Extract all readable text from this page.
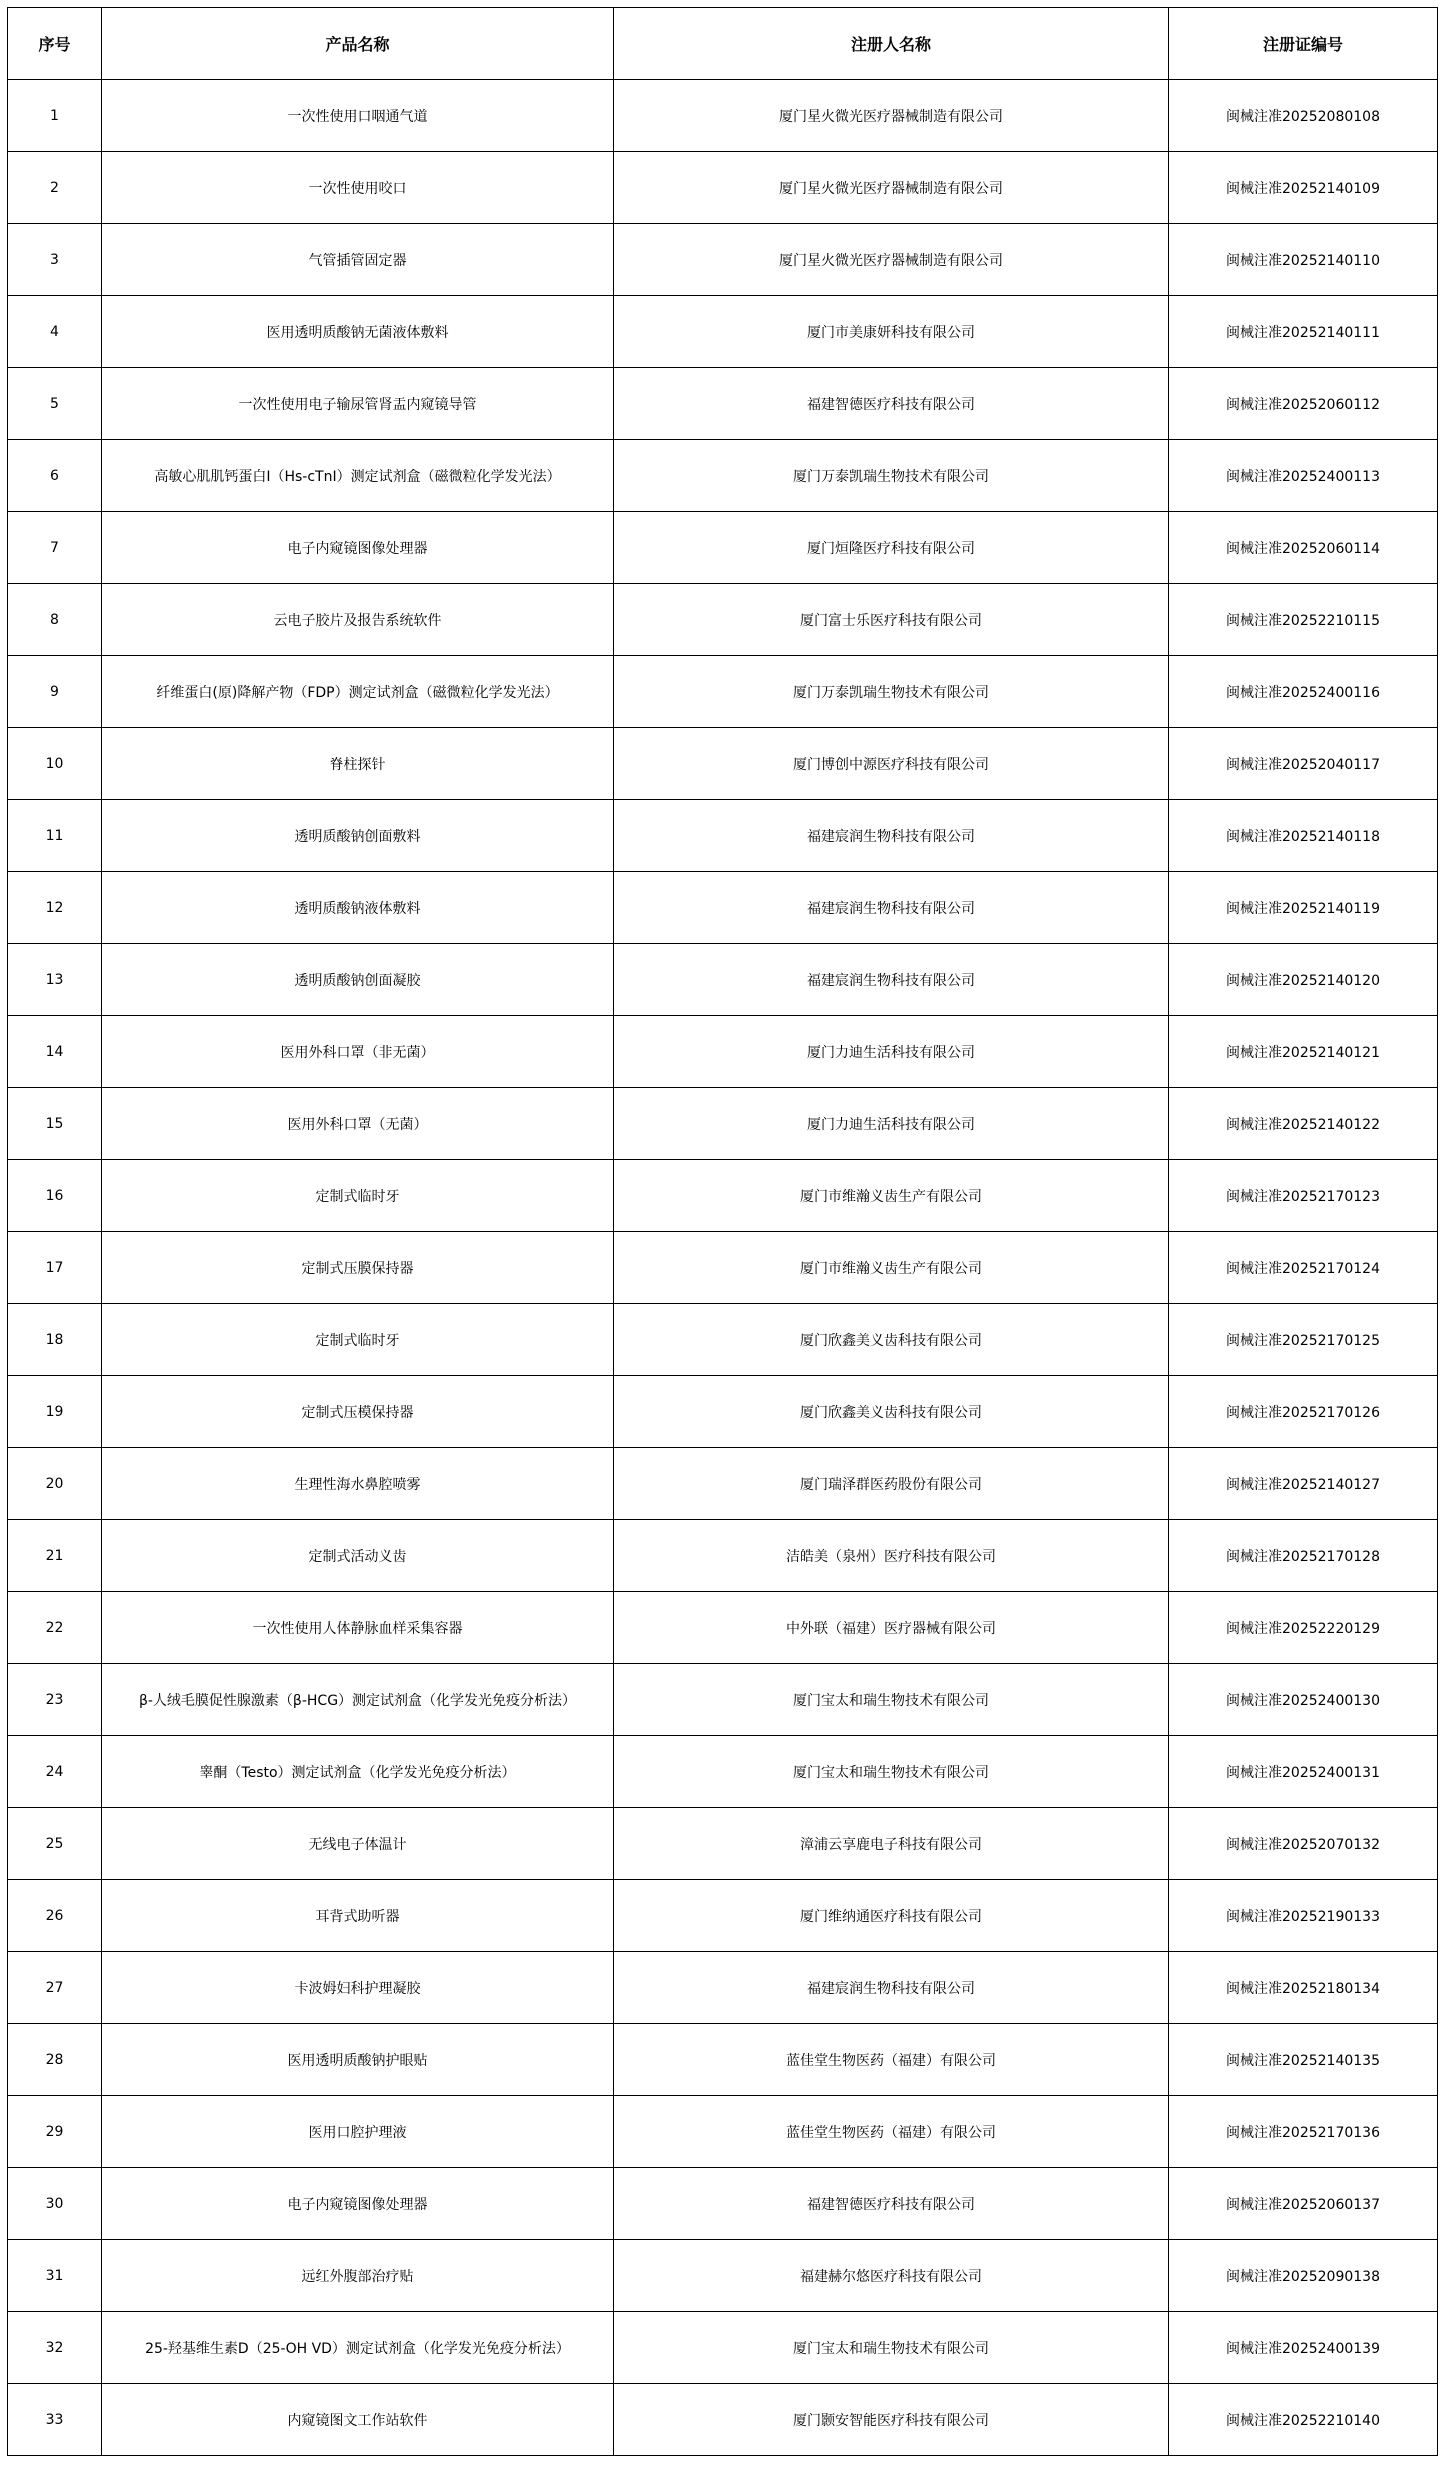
序号	产品名称	注册人名称	注册证编号
1	一次性使用口咽通气道	厦门星火微光医疗器械制造有限公司	闽械注准20252080108
2	一次性使用咬口	厦门星火微光医疗器械制造有限公司	闽械注准20252140109
3	气管插管固定器	厦门星火微光医疗器械制造有限公司	闽械注准20252140110
4	医用透明质酸钠无菌液体敷料	厦门市美康妍科技有限公司	闽械注准20252140111
5	一次性使用电子输尿管肾盂内窥镜导管	福建智德医疗科技有限公司	闽械注准20252060112
6	高敏心肌肌钙蛋白I（Hs-cTnI）测定试剂盒（磁微粒化学发光法）	厦门万泰凯瑞生物技术有限公司	闽械注准20252400113
7	电子内窥镜图像处理器	厦门烜隆医疗科技有限公司	闽械注准20252060114
8	云电子胶片及报告系统软件	厦门富士乐医疗科技有限公司	闽械注准20252210115
9	纤维蛋白(原)降解产物（FDP）测定试剂盒（磁微粒化学发光法）	厦门万泰凯瑞生物技术有限公司	闽械注准20252400116
10	脊柱探针	厦门博创中源医疗科技有限公司	闽械注准20252040117
11	透明质酸钠创面敷料	福建宸润生物科技有限公司	闽械注准20252140118
12	透明质酸钠液体敷料	福建宸润生物科技有限公司	闽械注准20252140119
13	透明质酸钠创面凝胶	福建宸润生物科技有限公司	闽械注准20252140120
14	医用外科口罩（非无菌）	厦门力迪生活科技有限公司	闽械注准20252140121
15	医用外科口罩（无菌）	厦门力迪生活科技有限公司	闽械注准20252140122
16	定制式临时牙	厦门市维瀚义齿生产有限公司	闽械注准20252170123
17	定制式压膜保持器	厦门市维瀚义齿生产有限公司	闽械注准20252170124
18	定制式临时牙	厦门欣鑫美义齿科技有限公司	闽械注准20252170125
19	定制式压模保持器	厦门欣鑫美义齿科技有限公司	闽械注准20252170126
20	生理性海水鼻腔喷雾	厦门瑞泽群医药股份有限公司	闽械注准20252140127
21	定制式活动义齿	洁皓美（泉州）医疗科技有限公司	闽械注准20252170128
22	一次性使用人体静脉血样采集容器	中外联（福建）医疗器械有限公司	闽械注准20252220129
23	β-人绒毛膜促性腺激素（β-HCG）测定试剂盒（化学发光免疫分析法）	厦门宝太和瑞生物技术有限公司	闽械注准20252400130
24	睾酮（Testo）测定试剂盒（化学发光免疫分析法）	厦门宝太和瑞生物技术有限公司	闽械注准20252400131
25	无线电子体温计	漳浦云享鹿电子科技有限公司	闽械注准20252070132
26	耳背式助听器	厦门维纳通医疗科技有限公司	闽械注准20252190133
27	卡波姆妇科护理凝胶	福建宸润生物科技有限公司	闽械注准20252180134
28	医用透明质酸钠护眼贴	蓝佳堂生物医药（福建）有限公司	闽械注准20252140135
29	医用口腔护理液	蓝佳堂生物医药（福建）有限公司	闽械注准20252170136
30	电子内窥镜图像处理器	福建智德医疗科技有限公司	闽械注准20252060137
31	远红外腹部治疗贴	福建赫尔悠医疗科技有限公司	闽械注准20252090138
32	25-羟基维生素D（25-OH VD）测定试剂盒（化学发光免疫分析法）	厦门宝太和瑞生物技术有限公司	闽械注准20252400139
33	内窥镜图文工作站软件	厦门颢安智能医疗科技有限公司	闽械注准20252210140
